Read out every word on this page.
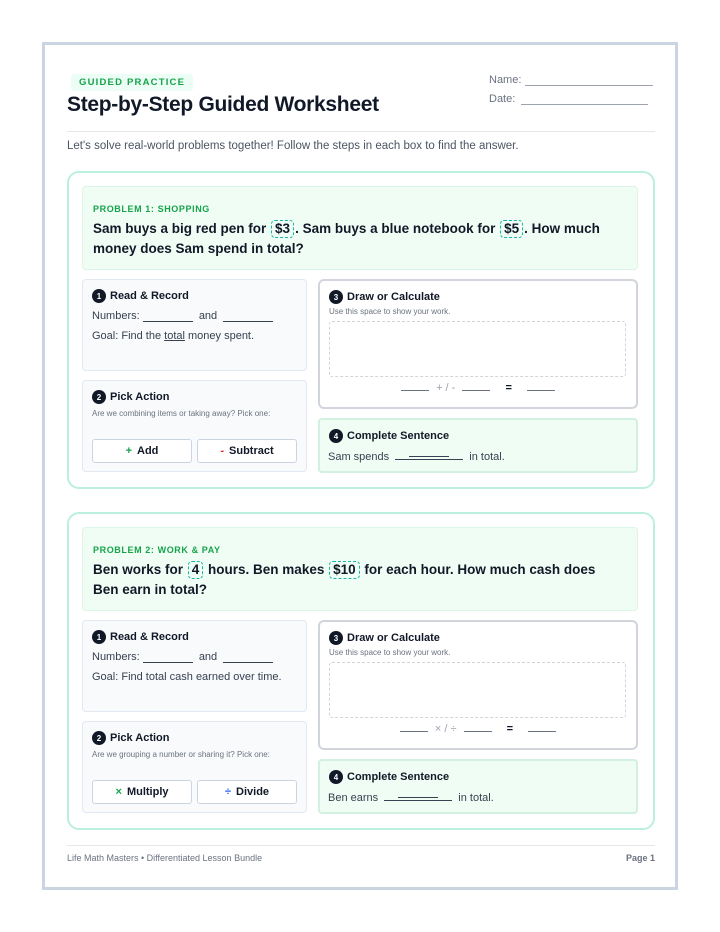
GUIDED PRACTICE
Step-by-Step Guided Worksheet
Name:
Date:
Let's solve real-world problems together! Follow the steps in each box to find the answer.
PROBLEM 1: SHOPPING
Sam buys a big red pen for $3 . Sam buys a blue notebook for $5 . How much money does Sam spend in total?
1 Read & Record
Numbers:	and
Goal: Find the total money spent.
2 Pick Action
Are we combining items or taking away? Pick one:
+ Add	- Subtract
3 Draw or Calculate
Use this space to show your work.
+ / -	=
4 Complete Sentence
Sam spends	in total.
PROBLEM 2: WORK & PAY
Ben works for 4 hours. Ben makes $10 for each hour. How much cash does Ben earn in total?
1 Read & Record
Numbers:	and
Goal: Find total cash earned over time.
2 Pick Action
Are we grouping a number or sharing it? Pick one:
× Multiply	÷ Divide
3 Draw or Calculate
Use this space to show your work.
× / ÷	=
4 Complete Sentence
Ben earns	in total.
Life Math Masters • Differentiated Lesson Bundle	Page 1
